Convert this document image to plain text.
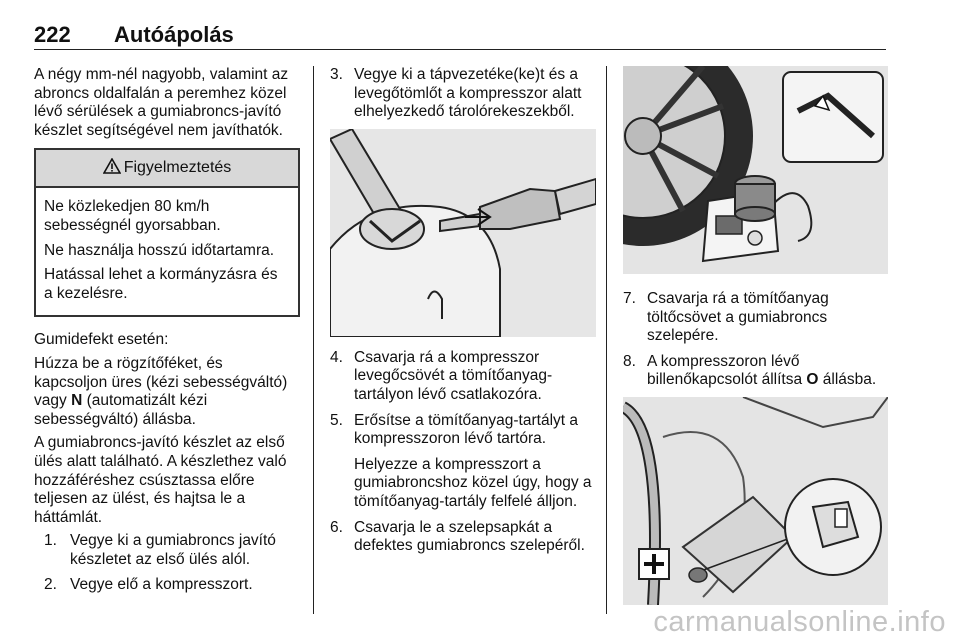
222 Autóápolás

A négy mm-nél nagyobb, valamint az abroncs oldalfalán a peremhez közel lévő sérülések a gumiabroncs-javító készlet segítségével nem javíthatók.

Figyelmeztetés

Ne közlekedjen 80 km/h sebességnél gyorsabban.

Ne használja hosszú időtartamra.

Hatással lehet a kormányzásra és a kezelésre.

Gumidefekt esetén:

Húzza be a rögzítőféket, és kapcsoljon üres (kézi sebességváltó) vagy N (automatizált kézi sebességváltó) állásba.

A gumiabroncs-javító készlet az első ülés alatt található. A készlethez való hozzáféréshez csúsztassa előre teljesen az ülést, és hajtsa le a háttámlát.

1. Vegye ki a gumiabroncs javító készletet az első ülés alól.
2. Vegye elő a kompresszort.
3. Vegye ki a tápvezetéke(ke)t és a levegőtömlőt a kompresszor alatt elhelyezkedő tárolórekeszekből.
4. Csavarja rá a kompresszor levegőcsövét a tömítőanyag-tartályon lévő csatlakozóra.
5. Erősítse a tömítőanyag-tartályt a kompresszoron lévő tartóra.
Helyezze a kompresszort a gumiabroncshoz közel úgy, hogy a tömítőanyag-tartály felfelé álljon.
6. Csavarja le a szelepsapkát a defektes gumiabroncs szelepéről.
7. Csavarja rá a tömítőanyag töltőcsövet a gumiabroncs szelepére.
8. A kompresszoron lévő billenőkapcsolót állítsa O állásba.
carmanualsonline.info
